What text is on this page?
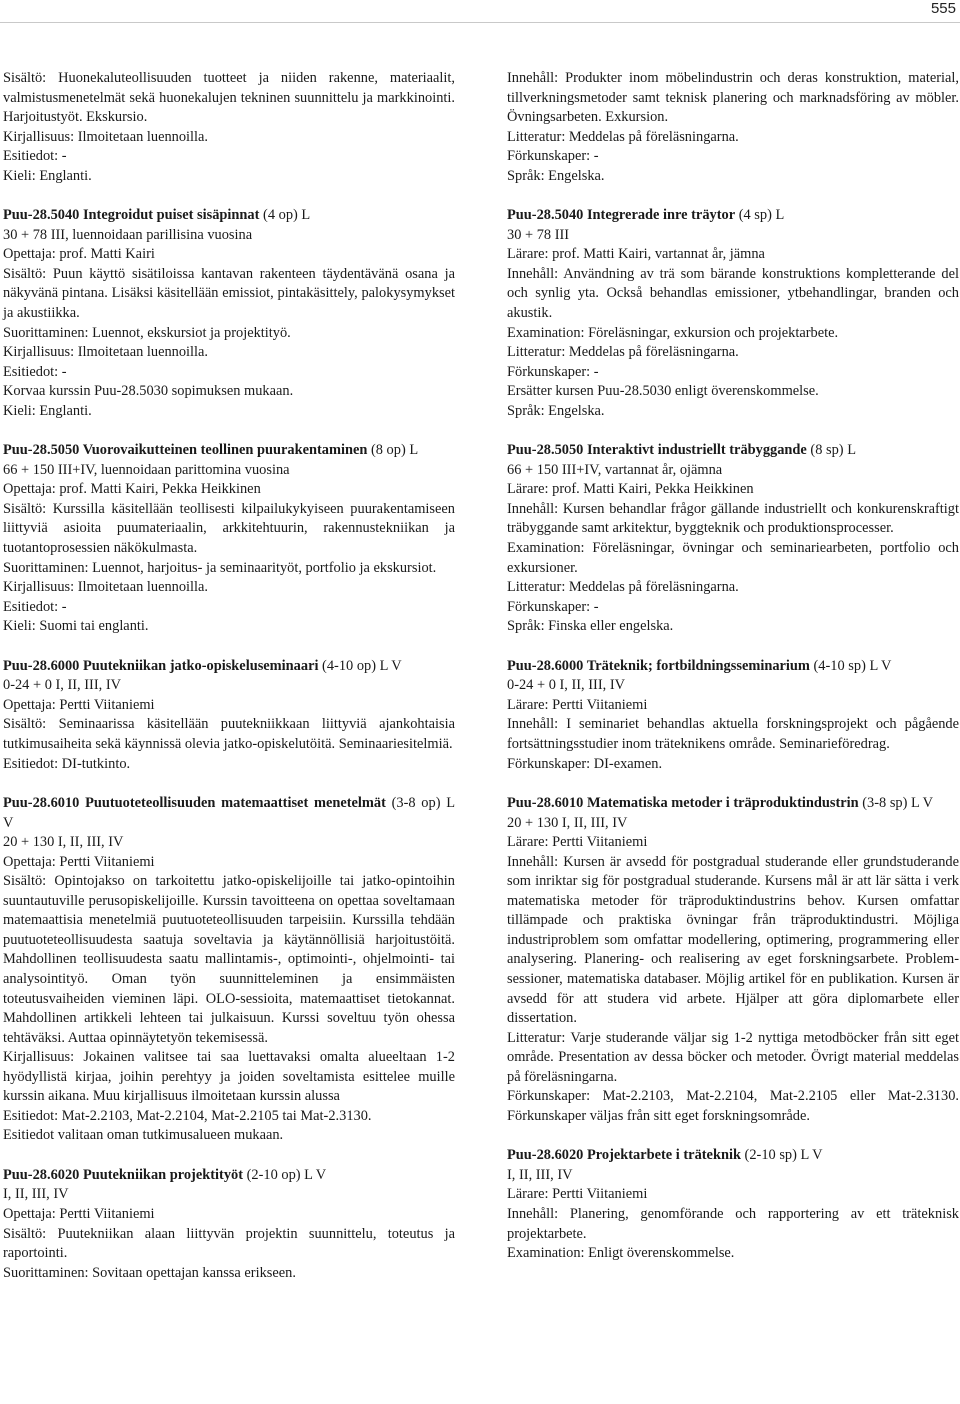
555

Sisältö: Huonekaluteollisuuden tuotteet ja niiden rakenne, materiaalit, valmistusmenetelmät sekä huonekalujen tekninen suunnittelu ja markkinointi. Harjoitustyöt. Ekskursio.

Kirjallisuus: Ilmoitetaan luennoilla.

Esitiedot: -

Kieli: Englanti.

Puu-28.5040 Integroidut puiset sisäpinnat (4 op) L

30 + 78 III, luennoidaan parillisina vuosina

Opettaja: prof. Matti Kairi

Sisältö: Puun käyttö sisätiloissa kantavan rakenteen täydentävänä osana ja näkyvänä pintana. Lisäksi käsitellään emissiot, pintakäsittely, palokysymykset ja akustiikka.

Suorittaminen: Luennot, ekskursiot ja projektityö.

Kirjallisuus: Ilmoitetaan luennoilla.

Esitiedot: -

Korvaa kurssin Puu-28.5030 sopimuksen mukaan.

Kieli: Englanti.

Puu-28.5050 Vuorovaikutteinen teollinen puurakentaminen (8 op) L

66 + 150 III+IV, luennoidaan parittomina vuosina

Opettaja: prof. Matti Kairi, Pekka Heikkinen

Sisältö: Kurssilla käsitellään teollisesti kilpailukykyiseen puurakentamiseen liittyviä asioita puumateriaalin, arkkitehtuurin, rakennustekniikan ja tuotantoprosessien näkökulmasta.

Suorittaminen: Luennot, harjoitus- ja seminaarityöt, portfolio ja ekskursiot.

Kirjallisuus: Ilmoitetaan luennoilla.

Esitiedot: -

Kieli: Suomi tai englanti.

Puu-28.6000 Puutekniikan jatko-opiskeluseminaari (4-10 op) L V

0-24 + 0 I, II, III, IV

Opettaja: Pertti Viitaniemi

Sisältö: Seminaarissa käsitellään puutekniikkaan liittyviä ajankohtaisia tutkimusaiheita sekä käynnissä olevia jatko-opiskelutöitä. Seminaariesitelmiä.

Esitiedot: DI-tutkinto.

Puu-28.6010 Puutuoteteollisuuden matemaattiset menetelmät (3-8 op) L V

20 + 130 I, II, III, IV

Opettaja: Pertti Viitaniemi

Sisältö: Opintojakso on tarkoitettu jatko-opiskelijoille tai jatko-opintoihin suuntautuville perusopiskelijoille. Kurssin tavoitteena on opettaa soveltamaan matemaattisia menetelmiä puutuoteteollisuuden tarpeisiin. Kurssilla tehdään puutuoteteollisuudesta saatuja soveltavia ja käytännöllisiä harjoitustöitä. Mahdollinen teollisuudesta saatu mallintamis-, optimointi-, ohjelmointi- tai analysointityö. Oman työn suunnitteleminen ja ensimmäisten toteutusvaiheiden vieminen läpi. OLO-sessioita, matemaattiset tietokannat. Mahdollinen artikkeli lehteen tai julkaisuun. Kurssi soveltuu työn ohessa tehtäväksi. Auttaa opinnäytetyön tekemisessä.

Kirjallisuus: Jokainen valitsee tai saa luettavaksi omalta alueeltaan 1-2 hyödyllistä kirjaa, joihin perehtyy ja joiden soveltamista esittelee muille kurssin aikana. Muu kirjallisuus ilmoitetaan kurssin alussa

Esitiedot: Mat-2.2103, Mat-2.2104, Mat-2.2105 tai Mat-2.3130.

Esitiedot valitaan oman tutkimusalueen mukaan.

Puu-28.6020 Puutekniikan projektityöt (2-10 op) L V

I, II, III, IV

Opettaja: Pertti Viitaniemi

Sisältö: Puutekniikan alaan liittyvän projektin suunnittelu, toteutus ja raportointi.

Suorittaminen: Sovitaan opettajan kanssa erikseen.

Innehåll: Produkter inom möbelindustrin och deras konstruktion, material, tillverkningsmetoder samt teknisk planering och marknadsföring av möbler. Övningsarbeten. Exkursion.

Litteratur: Meddelas på föreläsningarna.

Förkunskaper: -

Språk: Engelska.

Puu-28.5040 Integrerade inre träytor (4 sp) L

30 + 78 III

Lärare: prof. Matti Kairi, vartannat år, jämna

Innehåll: Användning av trä som bärande konstruktions kompletterande del och synlig yta. Också behandlas emissioner, ytbehandlingar, branden och akustik.

Examination: Föreläsningar, exkursion och projektarbete.

Litteratur: Meddelas på föreläsningarna.

Förkunskaper: -

Ersätter kursen Puu-28.5030 enligt överenskommelse.

Språk: Engelska.

Puu-28.5050 Interaktivt industriellt träbyggande (8 sp) L

66 + 150 III+IV, vartannat år, ojämna

Lärare: prof. Matti Kairi, Pekka Heikkinen

Innehåll: Kursen behandlar frågor gällande industriellt och konkurenskraftigt träbyggande samt arkitektur, byggteknik och produktionsprocesser.

Examination: Föreläsningar, övningar och seminariearbeten, portfolio och exkursioner.

Litteratur: Meddelas på föreläsningarna.

Förkunskaper: -

Språk: Finska eller engelska.

Puu-28.6000 Träteknik; fortbildningsseminarium (4-10 sp) L V

0-24 + 0 I, II, III, IV

Lärare: Pertti Viitaniemi

Innehåll: I seminariet behandlas aktuella forskningsprojekt och pågående fortsättningsstudier inom träteknikens område. Seminarieföredrag.

Förkunskaper: DI-examen.

Puu-28.6010 Matematiska metoder i träproduktindustrin (3-8 sp) L V

20 + 130 I, II, III, IV

Lärare: Pertti Viitaniemi

Innehåll: Kursen är avsedd för postgradual studerande eller grundstuderande som inriktar sig för postgradual studerande. Kursens mål är att lär sätta i verk matematiska metoder för träproduktindustrins behov. Kursen omfattar tillämpade och praktiska övningar från träproduktindustri. Möjliga industriproblem som omfattar modellering, optimering, programmering eller analysering. Planering- och realisering av eget forskningsarbete. Problem-sessioner, matematiska databaser. Möjlig artikel för en publikation. Kursen är avsedd för att studera vid arbete. Hjälper att göra diplomarbete eller dissertation.

Litteratur: Varje studerande väljar sig 1-2 nyttiga metodböcker från sitt eget område. Presentation av dessa böcker och metoder. Övrigt material meddelas på föreläsningarna.

Förkunskaper: Mat-2.2103, Mat-2.2104, Mat-2.2105 eller Mat-2.3130. Förkunskaper väljas från sitt eget forskningsområde.

Puu-28.6020 Projektarbete i träteknik (2-10 sp) L V

I, II, III, IV

Lärare: Pertti Viitaniemi

Innehåll: Planering, genomförande och rapportering av ett träteknisk projektarbete.

Examination: Enligt överenskommelse.
